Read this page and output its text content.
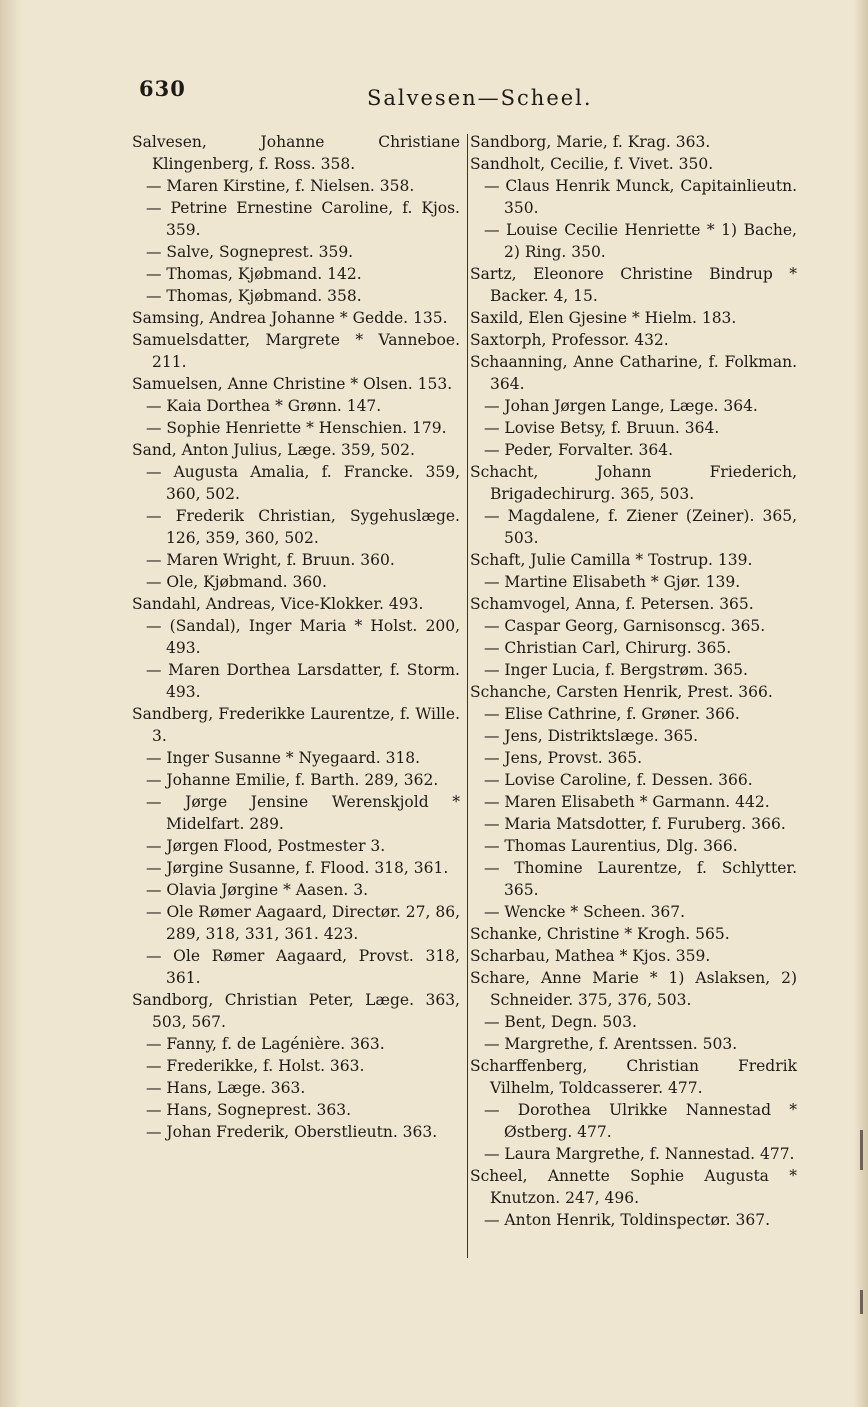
630	Salvesen—Scheel.
Salvesen, Johanne Christiane Klingenberg, f. Ross. 358.
— Maren Kirstine, f. Nielsen. 358.
— Petrine Ernestine Caroline, f. Kjos. 359.
— Salve, Sogneprest. 359.
— Thomas, Kjøbmand. 142.
— Thomas, Kjøbmand. 358.
Samsing, Andrea Johanne * Gedde. 135.
Samuelsdatter, Margrete * Vanneboe. 211.
Samuelsen, Anne Christine * Olsen. 153.
— Kaia Dorthea * Grønn. 147.
— Sophie Henriette * Henschien. 179.
Sand, Anton Julius, Læge. 359, 502.
— Augusta Amalia, f. Francke. 359, 360, 502.
— Frederik Christian, Sygehuslæge. 126, 359, 360, 502.
— Maren Wright, f. Bruun. 360.
— Ole, Kjøbmand. 360.
Sandahl, Andreas, Vice-Klokker. 493.
— (Sandal), Inger Maria * Holst. 200, 493.
— Maren Dorthea Larsdatter, f. Storm. 493.
Sandberg, Frederikke Laurentze, f. Wille. 3.
— Inger Susanne * Nyegaard. 318.
— Johanne Emilie, f. Barth. 289, 362.
— Jørge Jensine Werenskjold * Midelfart. 289.
— Jørgen Flood, Postmester 3.
— Jørgine Susanne, f. Flood. 318, 361.
— Olavia Jørgine * Aasen. 3.
— Ole Rømer Aagaard, Directør. 27, 86, 289, 318, 331, 361. 423.
— Ole Rømer Aagaard, Provst. 318, 361.
Sandborg, Christian Peter, Læge. 363, 503, 567.
— Fanny, f. de Lagénière. 363.
— Frederikke, f. Holst. 363.
— Hans, Læge. 363.
— Hans, Sogneprest. 363.
— Johan Frederik, Oberstlieutn. 363.
Sandborg, Marie, f. Krag. 363.
Sandholt, Cecilie, f. Vivet. 350.
— Claus Henrik Munck, Capitainlieutn. 350.
— Louise Cecilie Henriette * 1) Bache, 2) Ring. 350.
Sartz, Eleonore Christine Bindrup * Backer. 4, 15.
Saxild, Elen Gjesine * Hielm. 183.
Saxtorph, Professor. 432.
Schaanning, Anne Catharine, f. Folkman. 364.
— Johan Jørgen Lange, Læge. 364.
— Lovise Betsy, f. Bruun. 364.
— Peder, Forvalter. 364.
Schacht, Johann Friederich, Brigadechirurg. 365, 503.
— Magdalene, f. Ziener (Zeiner). 365, 503.
Schaft, Julie Camilla * Tostrup. 139.
— Martine Elisabeth * Gjør. 139.
Schamvogel, Anna, f. Petersen. 365.
— Caspar Georg, Garnisonscg. 365.
— Christian Carl, Chirurg. 365.
— Inger Lucia, f. Bergstrøm. 365.
Schanche, Carsten Henrik, Prest. 366.
— Elise Cathrine, f. Grøner. 366.
— Jens, Distriktslæge. 365.
— Jens, Provst. 365.
— Lovise Caroline, f. Dessen. 366.
— Maren Elisabeth * Garmann. 442.
— Maria Matsdotter, f. Furuberg. 366.
— Thomas Laurentius, Dlg. 366.
— Thomine Laurentze, f. Schlytter. 365.
— Wencke * Scheen. 367.
Schanke, Christine * Krogh. 565.
Scharbau, Mathea * Kjos. 359.
Schare, Anne Marie * 1) Aslaksen, 2) Schneider. 375, 376, 503.
— Bent, Degn. 503.
— Margrethe, f. Arentssen. 503.
Scharffenberg, Christian Fredrik Vilhelm, Toldcasserer. 477.
— Dorothea Ulrikke Nannestad * Østberg. 477.
— Laura Margrethe, f. Nannestad. 477.
Scheel, Annette Sophie Augusta * Knutzon. 247, 496.
— Anton Henrik, Toldinspectør. 367.
